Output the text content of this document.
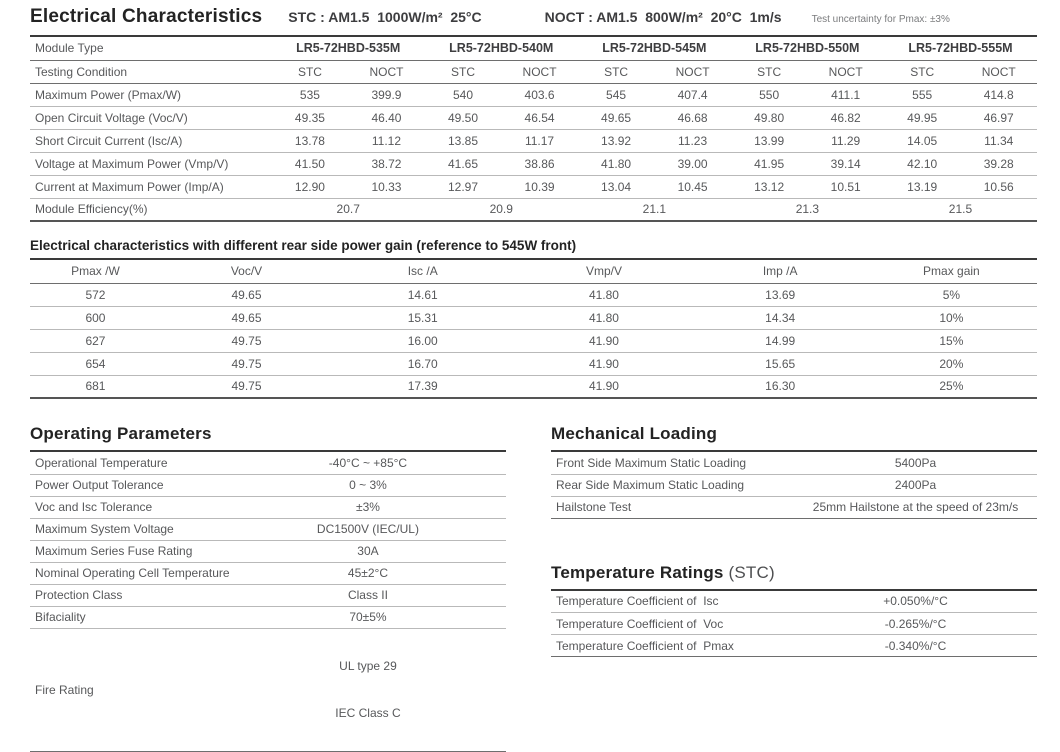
Electrical Characteristics STC : AM1.5  1000W/m²  25°C	NOCT : AM1.5  800W/m²  20°C  1m/s	Test uncertainty for Pmax: ±3%
Module Type	LR5-72HBD-535M		LR5-72HBD-540M		LR5-72HBD-545M		LR5-72HBD-550M		LR5-72HBD-555M	
Testing Condition	STC	NOCT	STC	NOCT	STC	NOCT	STC	NOCT	STC	NOCT
Maximum Power (Pmax/W)	535	399.9	540	403.6	545	407.4	550	411.1	555	414.8
Open Circuit Voltage (Voc/V)	49.35	46.40	49.50	46.54	49.65	46.68	49.80	46.82	49.95	46.97
Short Circuit Current (Isc/A)	13.78	11.12	13.85	11.17	13.92	11.23	13.99	11.29	14.05	11.34
Voltage at Maximum Power (Vmp/V)	41.50	38.72	41.65	38.86	41.80	39.00	41.95	39.14	42.10	39.28
Current at Maximum Power (Imp/A)	12.90	10.33	12.97	10.39	13.04	10.45	13.12	10.51	13.19	10.56
Module Efficiency(%)	20.7		20.9		21.1		21.3		21.5	
Electrical characteristics with different rear side power gain (reference to 545W front)
Pmax /W	Voc/V	Isc /A	Vmp/V	Imp /A	Pmax gain
572	49.65	14.61	41.80	13.69	5%
600	49.65	15.31	41.80	14.34	10%
627	49.75	16.00	41.90	14.99	15%
654	49.75	16.70	41.90	15.65	20%
681	49.75	17.39	41.90	16.30	25%
Operating Parameters
Operational Temperature	-40°C ~ +85°C
Power Output Tolerance	0 ~ 3%
Voc and Isc Tolerance	±3%
Maximum System Voltage	DC1500V (IEC/UL)
Maximum Series Fuse Rating	30A
Nominal Operating Cell Temperature	45±2°C
Protection Class	Class II
Bifaciality	70±5%
Fire Rating	UL type 29

IEC Class C

Mechanical Loading
Front Side Maximum Static Loading	5400Pa
Rear Side Maximum Static Loading	2400Pa
Hailstone Test	25mm Hailstone at the speed of 23m/s
Temperature Ratings (STC)
Temperature Coefficient of  Isc	+0.050%/°C
Temperature Coefficient of  Voc	-0.265%/°C
Temperature Coefficient of  Pmax	-0.340%/°C
